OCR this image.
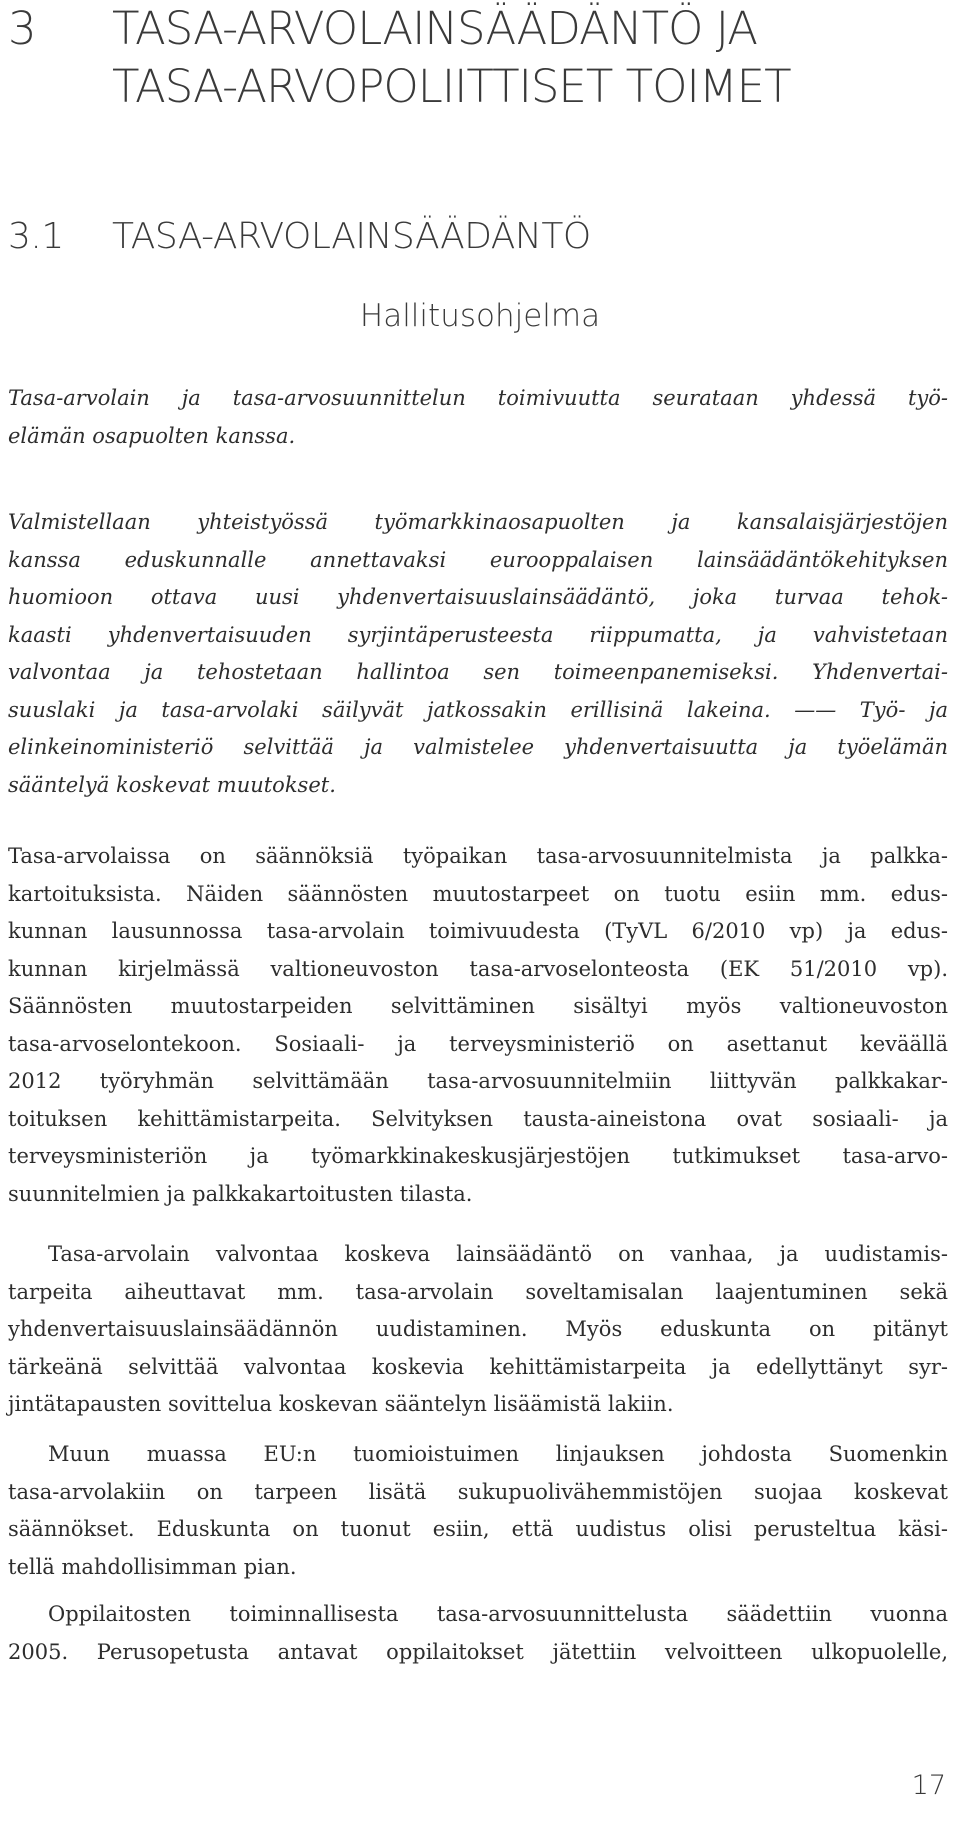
3 TASA-ARVOLAINSÄÄDÄNTÖ JA
TASA-ARVOPOLIITTISET TOIMET
3.1 TASA-ARVOLAINSÄÄDÄNTÖ
Hallitusohjelma
Tasa-arvolain ja tasa-arvosuunnittelun toimivuutta seurataan yhdessä työ-
elämän osapuolten kanssa.
Valmistellaan yhteistyössä työmarkkinaosapuolten ja kansalaisjärjestöjen
kanssa eduskunnalle annettavaksi eurooppalaisen lainsäädäntökehityksen
huomioon ottava uusi yhdenvertaisuuslainsäädäntö, joka turvaa tehok-
kaasti yhdenvertaisuuden syrjintäperusteesta riippumatta, ja vahvistetaan
valvontaa ja tehostetaan hallintoa sen toimeenpanemiseksi. Yhdenvertai-
suuslaki ja tasa-arvolaki säilyvät jatkossakin erillisinä lakeina. —— Työ- ja
elinkeinoministeriö selvittää ja valmistelee yhdenvertaisuutta ja työelämän
sääntelyä koskevat muutokset.
Tasa-arvolaissa on säännöksiä työpaikan tasa-arvosuunnitelmista ja palkka-
kartoituksista. Näiden säännösten muutostarpeet on tuotu esiin mm. edus-
kunnan lausunnossa tasa-arvolain toimivuudesta (TyVL 6/2010 vp) ja edus-
kunnan kirjelmässä valtioneuvoston tasa-arvoselonteosta (EK 51/2010 vp).
Säännösten muutostarpeiden selvittäminen sisältyi myös valtioneuvoston
tasa-arvoselontekoon. Sosiaali- ja terveysministeriö on asettanut keväällä
2012 työryhmän selvittämään tasa-arvosuunnitelmiin liittyvän palkkakar-
toituksen kehittämistarpeita. Selvityksen tausta-aineistona ovat sosiaali- ja
terveysministeriön ja työmarkkinakeskusjärjestöjen tutkimukset tasa-arvo-
suunnitelmien ja palkkakartoitusten tilasta.
Tasa-arvolain valvontaa koskeva lainsäädäntö on vanhaa, ja uudistamis-
tarpeita aiheuttavat mm. tasa-arvolain soveltamisalan laajentuminen sekä
yhdenvertaisuuslainsäädännön uudistaminen. Myös eduskunta on pitänyt
tärkeänä selvittää valvontaa koskevia kehittämistarpeita ja edellyttänyt syr-
jintätapausten sovittelua koskevan sääntelyn lisäämistä lakiin.
Muun muassa EU:n tuomioistuimen linjauksen johdosta Suomenkin
tasa-arvolakiin on tarpeen lisätä sukupuolivähemmistöjen suojaa koskevat
säännökset. Eduskunta on tuonut esiin, että uudistus olisi perusteltua käsi-
tellä mahdollisimman pian.
Oppilaitosten toiminnallisesta tasa-arvosuunnittelusta säädettiin vuonna
2005. Perusopetusta antavat oppilaitokset jätettiin velvoitteen ulkopuolelle,
17
